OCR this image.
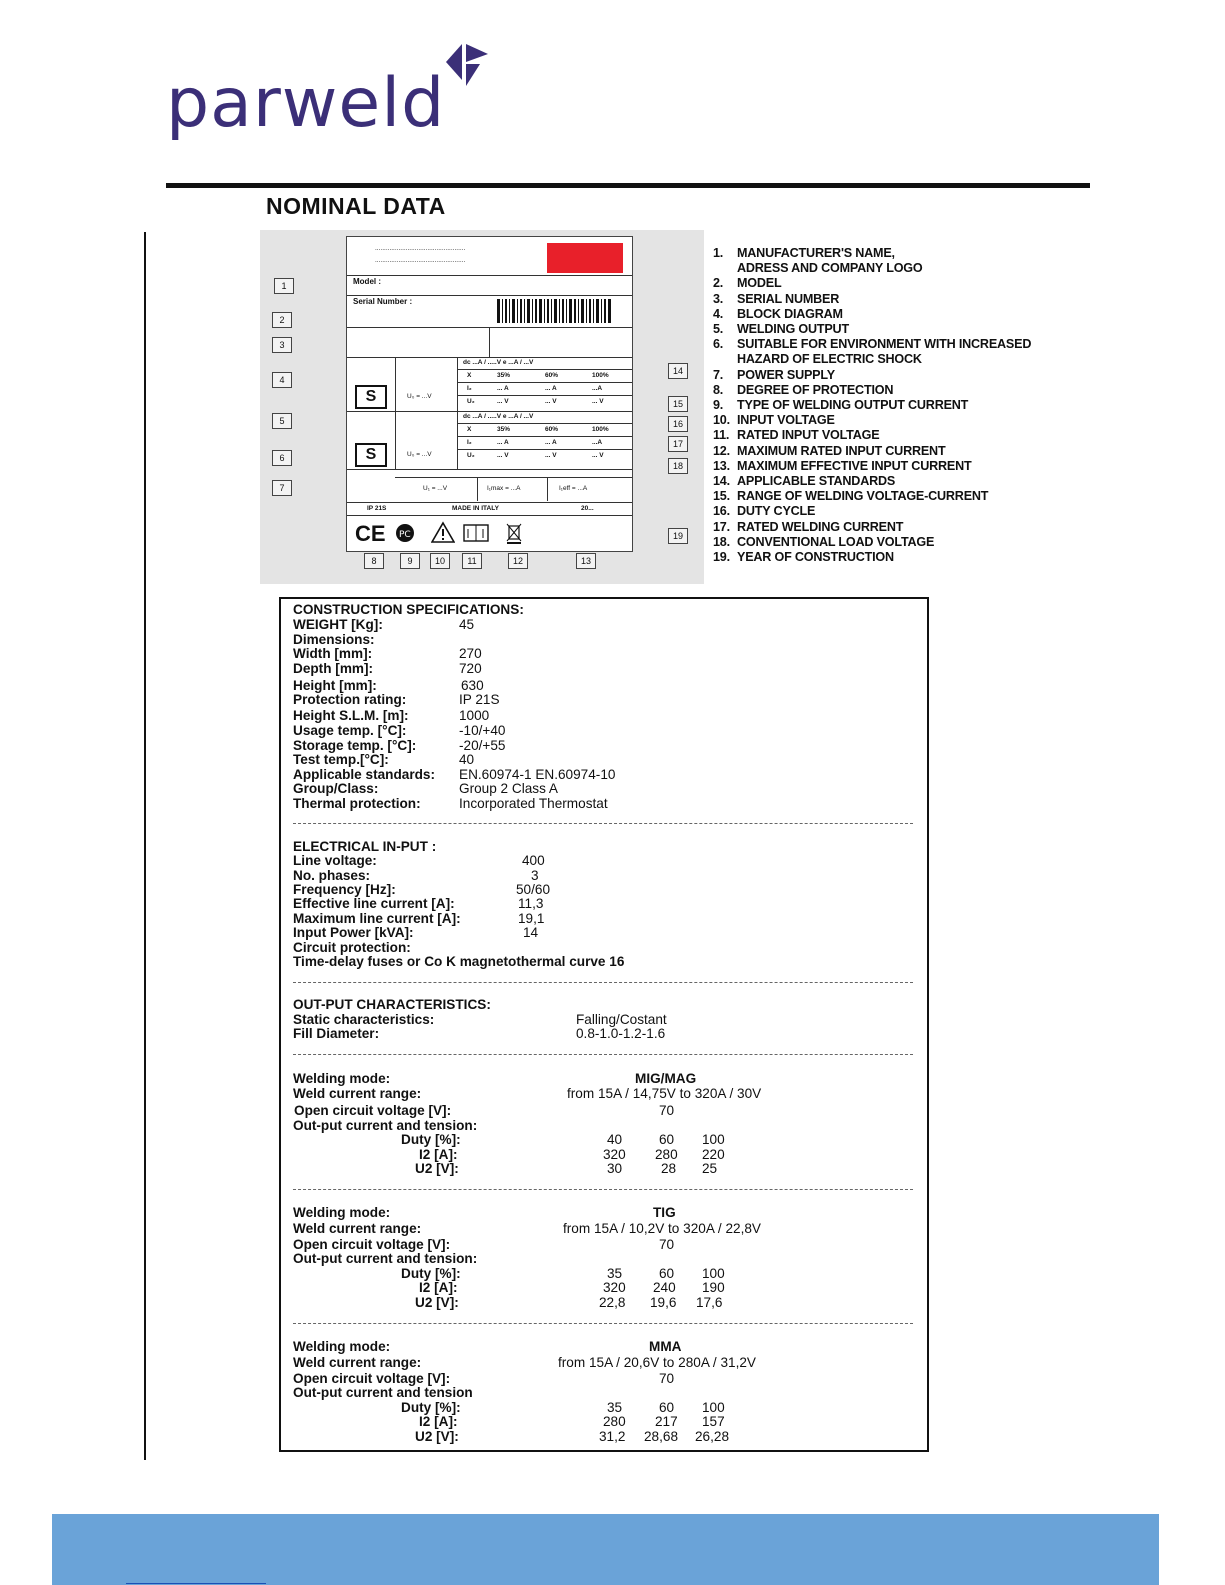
parweld
NOMINAL DATA
..................................................
..................................................
Model :
Serial Number :
dc ...A / .....V e ...A / ...V
X	35%	60%	100%
I₂	... A	... A	...A
U₂	... V	... V	... V
S	U₀ = ...V
dc ...A / .....V e ...A / ...V
X	35%	60%	100%
I₂	... A	... A	...A
U₂	... V	... V	... V
S	U₀ = ...V
U₁ = ...V	I₁max = ...A	I₁eff = ...A
IP 21S	MADE IN ITALY	20...
CE PC
1
2
3
4
5
6
7
8	9	10	11	12	13
14
15
16
17
18
19
1.	MANUFACTURER'S NAME,
ADRESS AND COMPANY LOGO
2.	MODEL
3.	SERIAL NUMBER
4.	BLOCK DIAGRAM
5.	WELDING OUTPUT
6.	SUITABLE FOR ENVIRONMENT WITH INCREASED
HAZARD OF ELECTRIC SHOCK
7.	POWER SUPPLY
8.	DEGREE OF PROTECTION
9.	TYPE OF WELDING OUTPUT CURRENT
10. INPUT VOLTAGE
11. RATED INPUT VOLTAGE
12. MAXIMUM RATED INPUT CURRENT
13. MAXIMUM EFFECTIVE INPUT CURRENT
14. APPLICABLE STANDARDS
15. RANGE OF WELDING VOLTAGE-CURRENT
16. DUTY CYCLE
17. RATED WELDING CURRENT
18. CONVENTIONAL LOAD VOLTAGE
19. YEAR OF CONSTRUCTION
CONSTRUCTION SPECIFICATIONS:
WEIGHT [Kg]:	45
Dimensions:
Width [mm]:	270
Depth [mm]:	720
Height [mm]:	630
Protection rating:	IP 21S
Height S.L.M. [m]:	1000
Usage temp. [°C]:	-10/+40
Storage temp. [°C]:	-20/+55
Test temp.[°C]:	40
Applicable standards: EN.60974-1 EN.60974-10
Group/Class:	Group 2 Class A
Thermal protection:	Incorporated Thermostat
ELECTRICAL IN-PUT :
Line voltage:	400
No. phases:	3
Frequency [Hz]:	50/60
Effective line current [A]:	11,3
Maximum line current [A]:	19,1
Input Power [kVA]:	14
Circuit protection:
Time-delay fuses or Co K magnetothermal curve 16
OUT-PUT CHARACTERISTICS:
Static characteristics:	Falling/Costant
Fill Diameter:	0.8-1.0-1.2-1.6
Welding mode:	MIG/MAG
Weld current range:	from 15A / 14,75V to 320A / 30V
Open circuit voltage [V]:	70
Out-put current and tension:
Duty [%]:	40	60 100
I2 [A]:	320 280 220
U2 [V]:	30	28 25
Welding mode:	TIG
Weld current range:	from 15A / 10,2V to 320A / 22,8V
Open circuit voltage [V]:	70
Out-put current and tension:
Duty [%]:	35	60 100
I2 [A]:	320 240 190
U2 [V]:	22,8 19,6 17,6
Welding mode:	MMA
Weld current range:	from 15A / 20,6V to 280A / 31,2V
Open circuit voltage [V]:	70
Out-put current and tension
Duty [%]:	35	60 100
I2 [A]:	280 217 157
U2 [V]:	31,2 28,68 26,28
